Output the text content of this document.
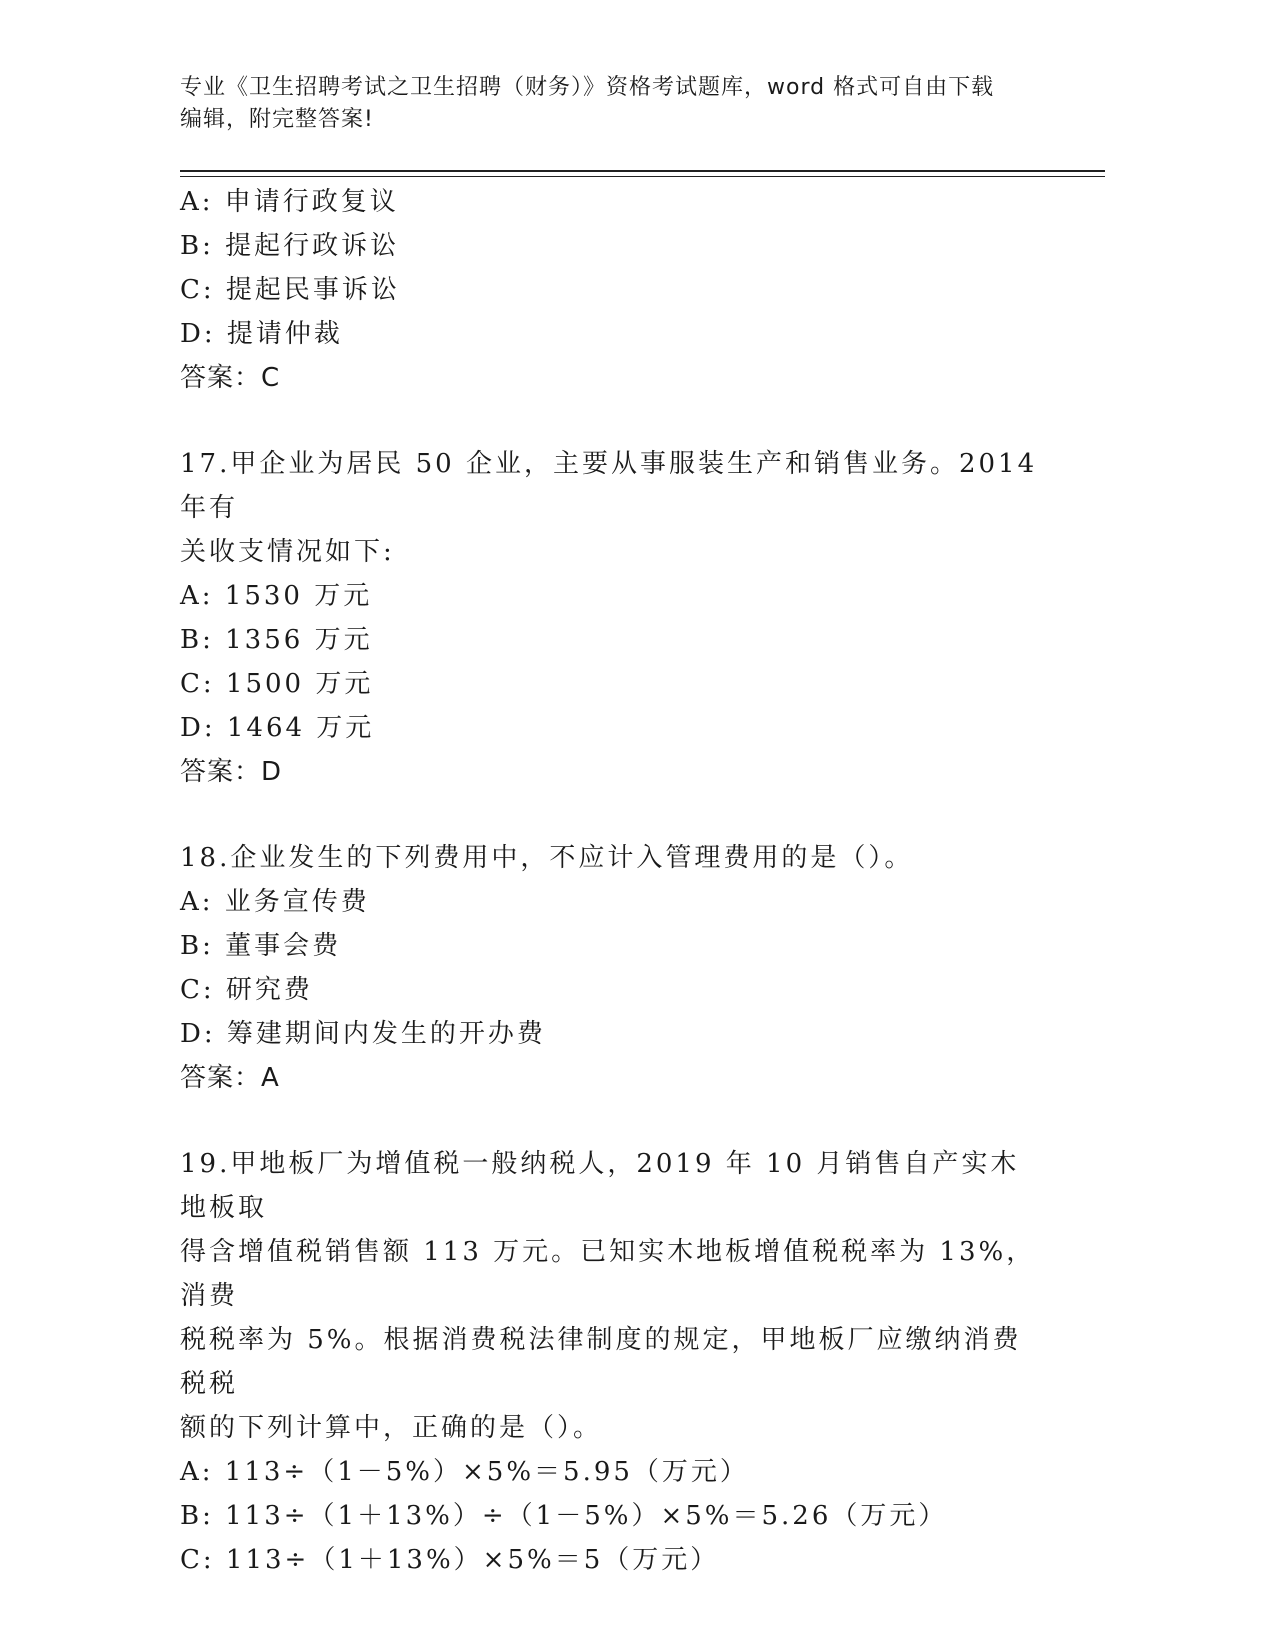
专业《卫生招聘考试之卫生招聘（财务）》资格考试题库，word 格式可自由下载
编辑，附完整答案!
A: 申请行政复议
B: 提起行政诉讼
C: 提起民事诉讼
D: 提请仲裁
答案：C
17.甲企业为居民 50 企业，主要从事服装生产和销售业务。2014 年有
关收支情况如下:
A: 1530 万元
B: 1356 万元
C: 1500 万元
D: 1464 万元
答案：D
18.企业发生的下列费用中，不应计入管理费用的是（）。
A: 业务宣传费
B: 董事会费
C: 研究费
D: 筹建期间内发生的开办费
答案：A
19.甲地板厂为增值税一般纳税人，2019 年 10 月销售自产实木地板取
得含增值税销售额 113 万元。已知实木地板增值税税率为 13%，消费
税税率为 5%。根据消费税法律制度的规定，甲地板厂应缴纳消费税税
额的下列计算中，正确的是（）。
A: 113÷（1－5%）×5%＝5.95（万元）
B: 113÷（1＋13%）÷（1－5%）×5%＝5.26（万元）
C: 113÷（1＋13%）×5%＝5（万元）
